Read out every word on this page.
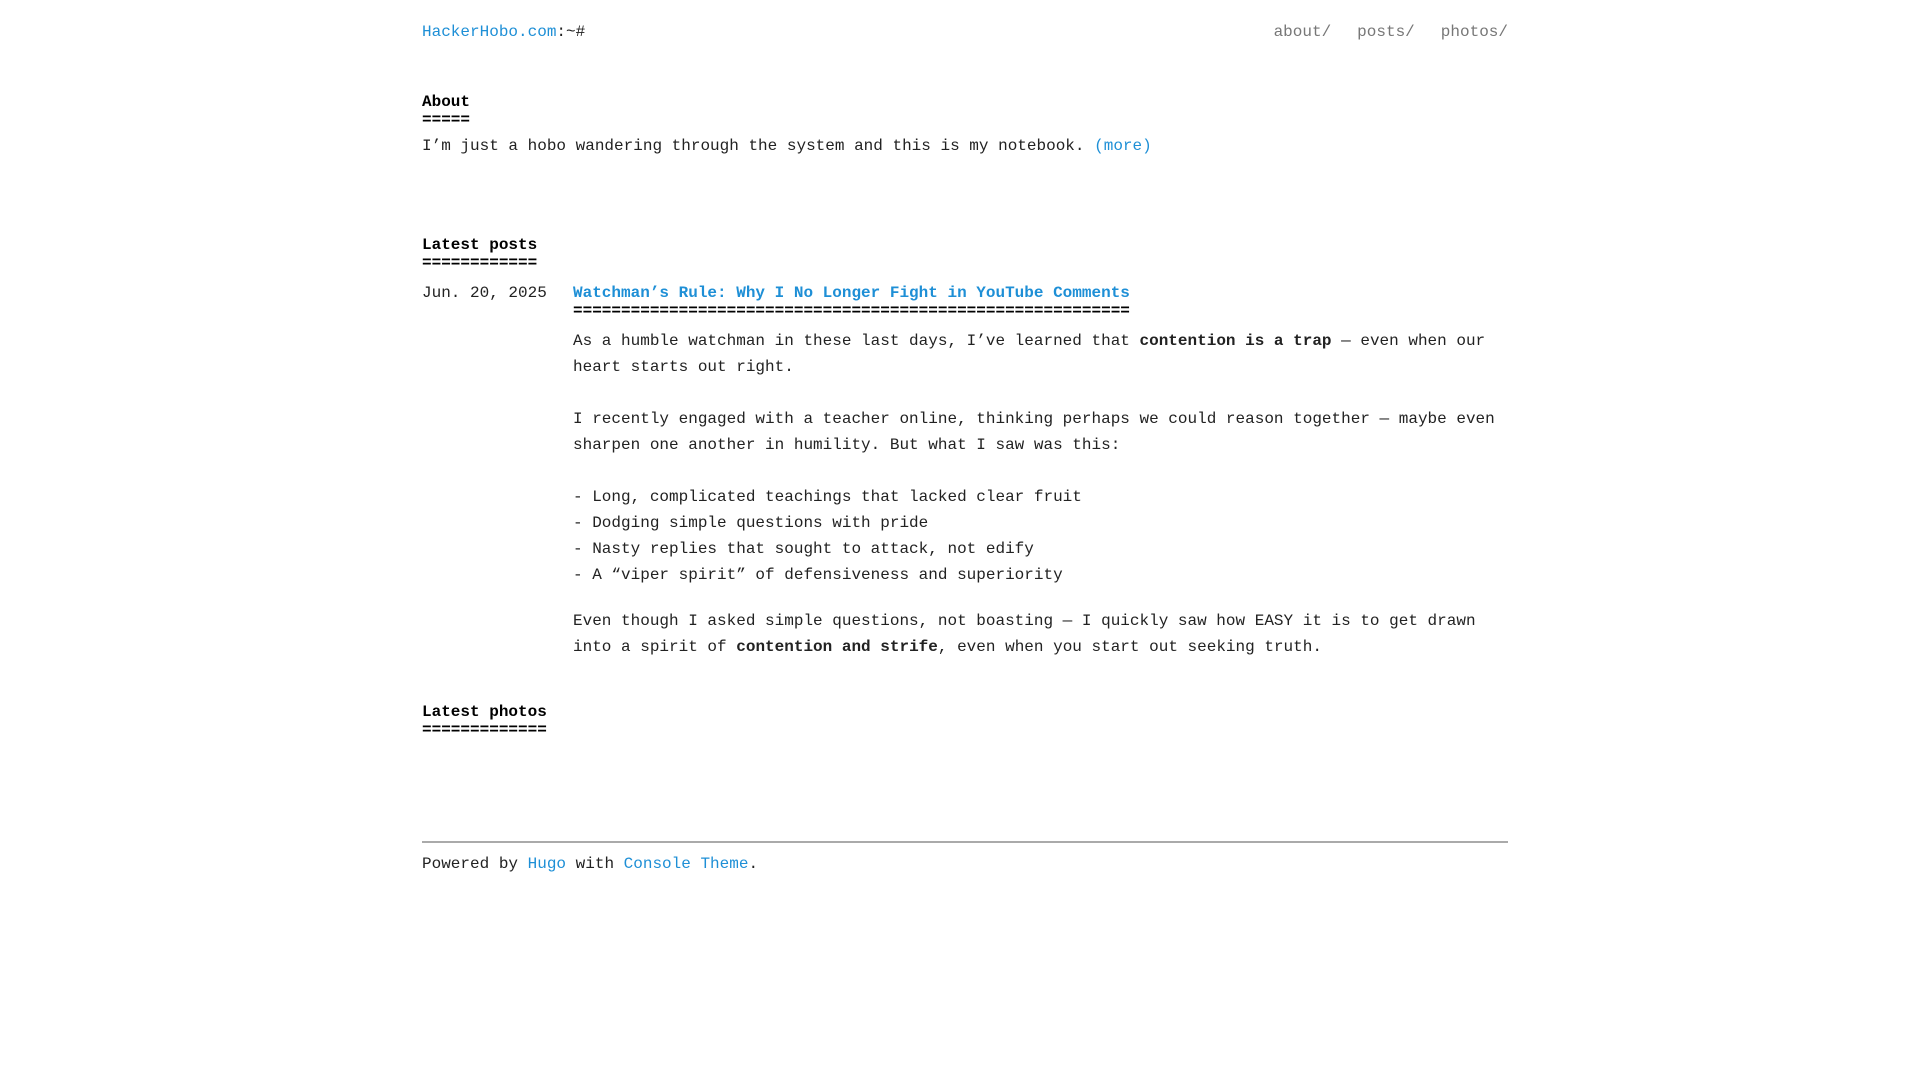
HackerHobo.com:~#	about/ posts/ photos/
About
=====

I’m just a hobo wandering through the system and this is my notebook. (more)

Latest posts
============
Jun. 20, 2025 Watchman’s Rule: Why I No Longer Fight in YouTube Comments
==========================================================

As a humble watchman in these last days, I’ve learned that contention is a trap — even when our heart starts out right.

I recently engaged with a teacher online, thinking perhaps we could reason together — maybe even sharpen one another in humility. But what I saw was this:

- Long, complicated teachings that lacked clear fruit
- Dodging simple questions with pride
- Nasty replies that sought to attack, not edify
- A “viper spirit” of defensiveness and superiority

Even though I asked simple questions, not boasting — I quickly saw how EASY it is to get drawn into a spirit of contention and strife, even when you start out seeking truth.

Latest photos
=============
Powered by Hugo with Console Theme.
